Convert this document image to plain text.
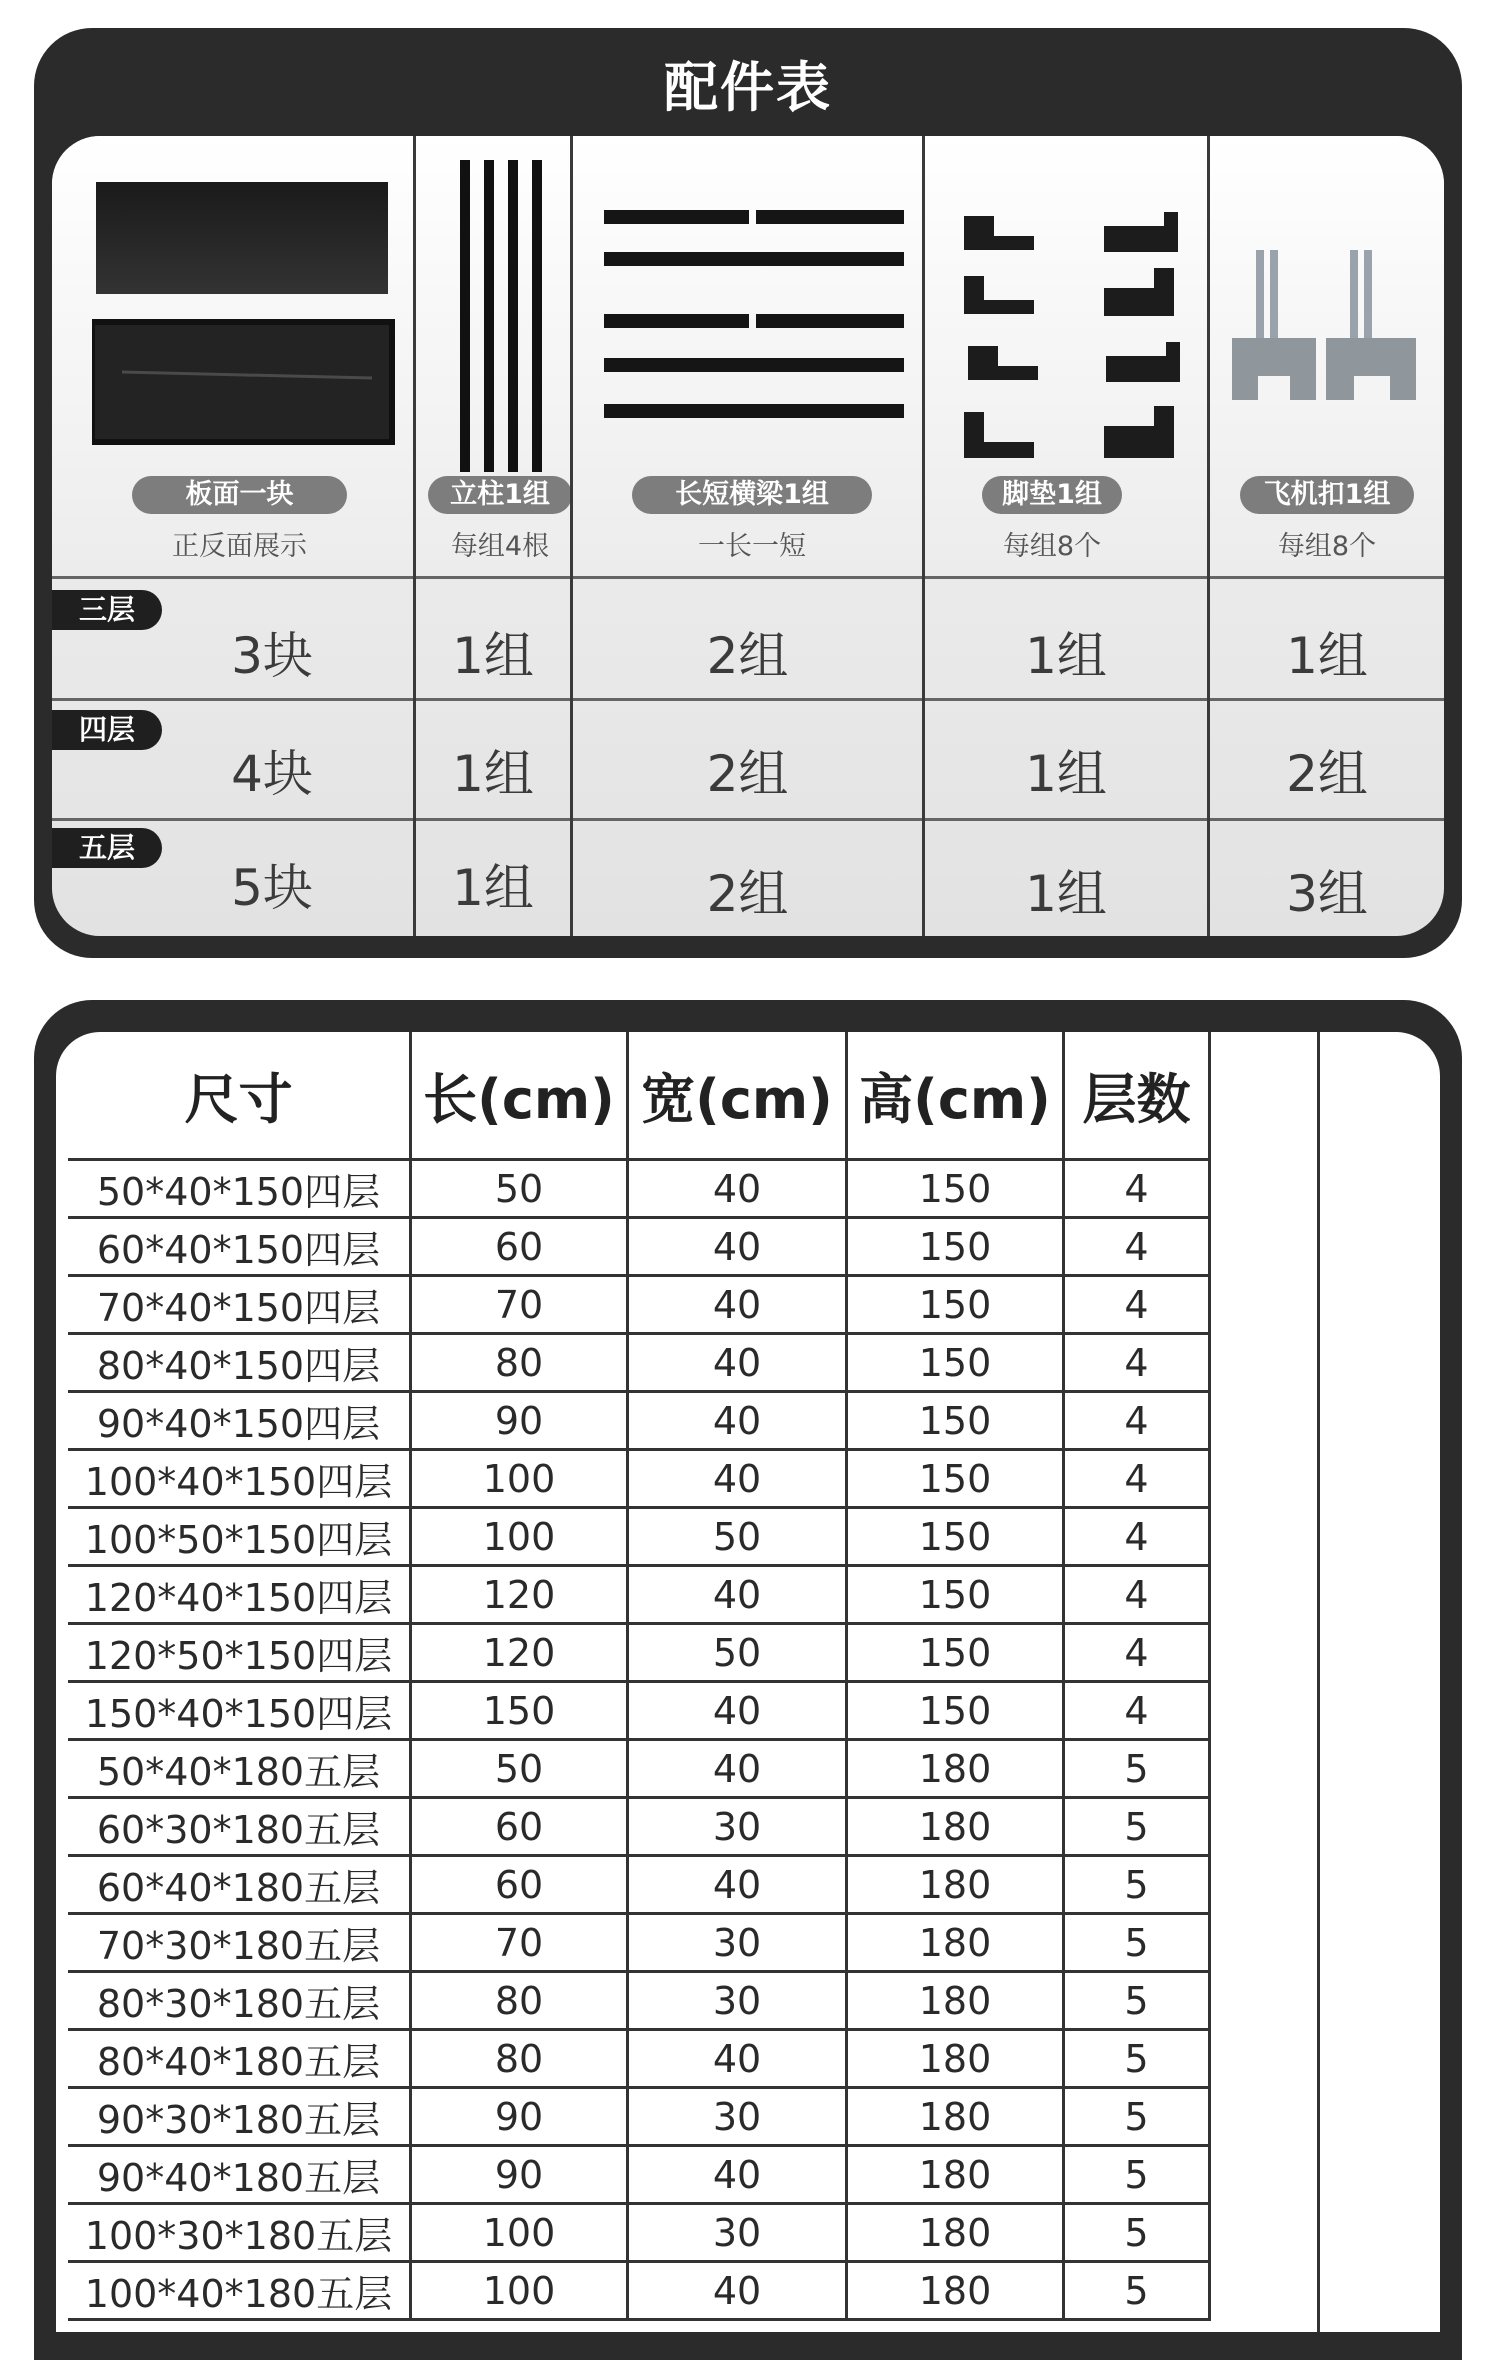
配件表
板面一块
正反面展示
立柱1组
每组4根
长短横梁1组
一长一短
脚垫1组
每组8个
飞机扣1组
每组8个
三层
3块	1组	2组	1组	1组
四层
4块	1组	2组	1组	2组
五层
5块	1组	2组	1组	3组
尺寸	长(cm)	宽(cm)	高(cm)	层数
50*40*150四层	50	40	150	4
60*40*150四层	60	40	150	4
70*40*150四层	70	40	150	4
80*40*150四层	80	40	150	4
90*40*150四层	90	40	150	4
100*40*150四层	100	40	150	4
100*50*150四层	100	50	150	4
120*40*150四层	120	40	150	4
120*50*150四层	120	50	150	4
150*40*150四层	150	40	150	4
50*40*180五层	50	40	180	5
60*30*180五层	60	30	180	5
60*40*180五层	60	40	180	5
70*30*180五层	70	30	180	5
80*30*180五层	80	30	180	5
80*40*180五层	80	40	180	5
90*30*180五层	90	30	180	5
90*40*180五层	90	40	180	5
100*30*180五层	100	30	180	5
100*40*180五层	100	40	180	5
